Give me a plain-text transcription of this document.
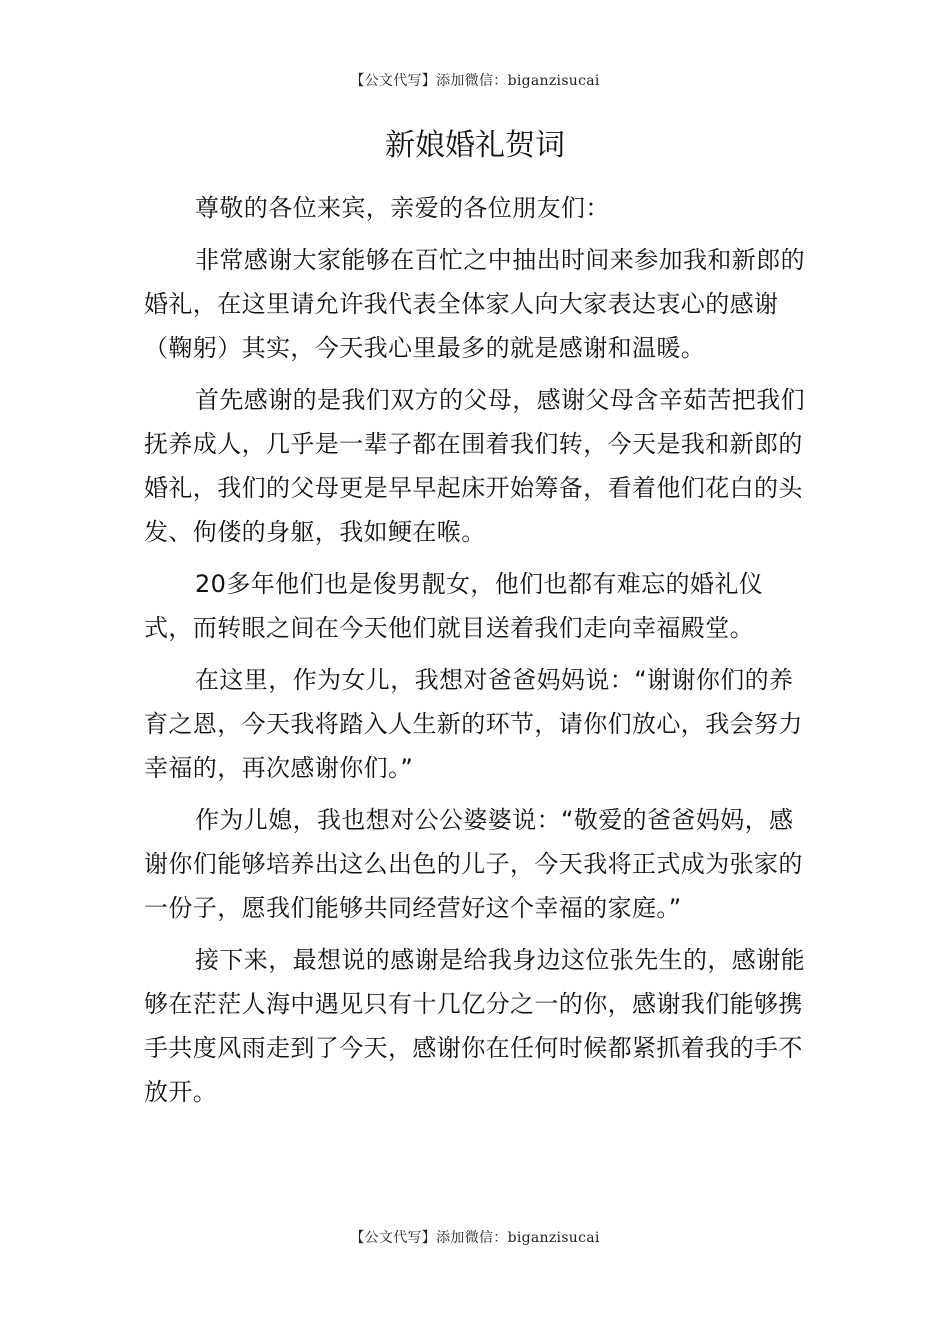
【公文代写】添加微信：biganzisucai
新娘婚礼贺词

尊敬的各位来宾，亲爱的各位朋友们：

非常感谢大家能够在百忙之中抽出时间来参加我和新郎的婚礼，在这里请允许我代表全体家人向大家表达衷心的感谢（鞠躬）其实，今天我心里最多的就是感谢和温暖。

首先感谢的是我们双方的父母，感谢父母含辛茹苦把我们抚养成人，几乎是一辈子都在围着我们转，今天是我和新郎的婚礼，我们的父母更是早早起床开始筹备，看着他们花白的头发、佝偻的身躯，我如鲠在喉。

20多年他们也是俊男靓女，他们也都有难忘的婚礼仪式，而转眼之间在今天他们就目送着我们走向幸福殿堂。

在这里，作为女儿，我想对爸爸妈妈说：“谢谢你们的养育之恩，今天我将踏入人生新的环节，请你们放心，我会努力幸福的，再次感谢你们。”

作为儿媳，我也想对公公婆婆说：“敬爱的爸爸妈妈，感谢你们能够培养出这么出色的儿子，今天我将正式成为张家的一份子，愿我们能够共同经营好这个幸福的家庭。”

接下来，最想说的感谢是给我身边这位张先生的，感谢能够在茫茫人海中遇见只有十几亿分之一的你，感谢我们能够携手共度风雨走到了今天，感谢你在任何时候都紧抓着我的手不放开。

【公文代写】添加微信：biganzisucai
